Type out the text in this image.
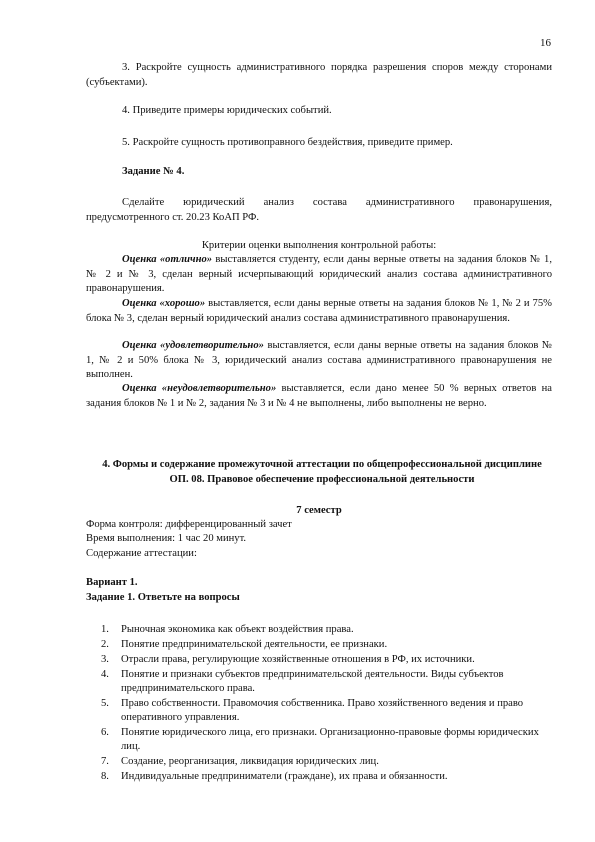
16

3. Раскройте сущность административного порядка разрешения споров между сторонами (субъектами).

4. Приведите примеры юридических событий.

5. Раскройте сущность противоправного бездействия, приведите пример.

Задание № 4.

Сделайте юридический анализ состава административного правонарушения, предусмотренного ст. 20.23 КоАП РФ.

Критерии оценки выполнения контрольной работы:

Оценка «отлично» выставляется студенту, если даны верные ответы на задания блоков № 1, № 2 и № 3, сделан верный исчерпывающий юридический анализ состава административного правонарушения.

Оценка «хорошо» выставляется, если даны верные ответы на задания блоков № 1, № 2 и 75% блока № 3, сделан верный юридический анализ состава административного правонарушения.

Оценка «удовлетворительно» выставляется, если даны верные ответы на задания блоков № 1, № 2 и 50% блока № 3, юридический анализ состава административного правонарушения не выполнен.

Оценка «неудовлетворительно» выставляется, если дано менее 50 % верных ответов на задания блоков № 1 и № 2, задания № 3 и № 4 не выполнены, либо выполнены не верно.

4. Формы и содержание промежуточной аттестации по общепрофессиональной дисциплине ОП. 08. Правовое обеспечение профессиональной деятельности

7 семестр

Форма контроля: дифференцированный зачет

Время выполнения: 1 час 20 минут.

Содержание аттестации:

Вариант 1.

Задание 1. Ответьте на вопросы

1. Рыночная экономика как объект воздействия права.
2. Понятие предпринимательской деятельности, ее признаки.
3. Отрасли права, регулирующие хозяйственные отношения в РФ, их источники.
4. Понятие и признаки субъектов предпринимательской деятельности. Виды субъектов предпринимательского права.
5. Право собственности. Правомочия собственника. Право хозяйственного ведения и право оперативного управления.
6. Понятие юридического лица, его признаки. Организационно-правовые формы юридических лиц.
7. Создание, реорганизация, ликвидация юридических лиц.
8. Индивидуальные предприниматели (граждане), их права и обязанности.
